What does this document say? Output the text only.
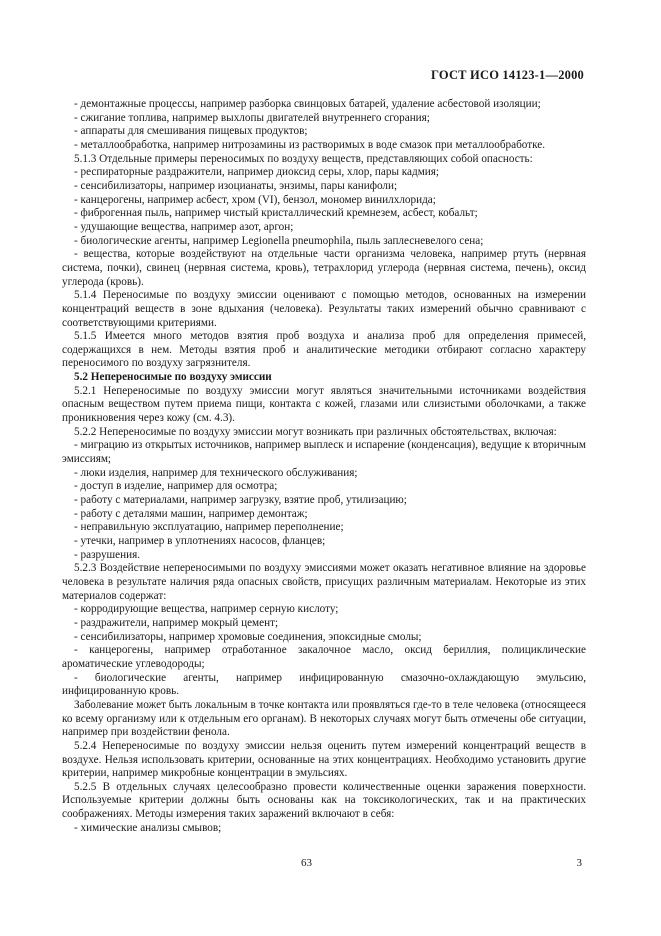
ГОСТ ИСО 14123-1—2000

- демонтажные процессы, например разборка свинцовых батарей, удаление асбестовой изоляции;

- сжигание топлива, например выхлопы двигателей внутреннего сгорания;

- аппараты для смешивания пищевых продуктов;

- металлообработка, например нитрозамины из растворимых в воде смазок при металлообработке.

5.1.3 Отдельные примеры переносимых по воздуху веществ, представляющих собой опасность:

- респираторные раздражители, например диоксид серы, хлор, пары кадмия;

- сенсибилизаторы, например изоцианаты, энзимы, пары канифоли;

- канцерогены, например асбест, хром (VI), бензол, мономер винилхлорида;

- фиброгенная пыль, например чистый кристаллический кремнезем, асбест, кобальт;

- удушающие вещества, например азот, аргон;

- биологические агенты, например Legionella pneumophila, пыль заплесневелого сена;

- вещества, которые воздействуют на отдельные части организма человека, например ртуть (нервная система, почки), свинец (нервная система, кровь), тетрахлорид углерода (нервная система, печень), оксид углерода (кровь).

5.1.4 Переносимые по воздуху эмиссии оценивают с помощью методов, основанных на измерении концентраций веществ в зоне вдыхания (человека). Результаты таких измерений обычно сравнивают с соответствующими критериями.

5.1.5 Имеется много методов взятия проб воздуха и анализа проб для определения примесей, содержащихся в нем. Методы взятия проб и аналитические методики отбирают согласно характеру переносимого по воздуху загрязнителя.

5.2 Непереносимые по воздуху эмиссии

5.2.1 Непереносимые по воздуху эмиссии могут являться значительными источниками воздействия опасным веществом путем приема пищи, контакта с кожей, глазами или слизистыми оболочками, а также проникновения через кожу (см. 4.3).

5.2.2 Непереносимые по воздуху эмиссии могут возникать при различных обстоятельствах, включая:

- миграцию из открытых источников, например выплеск и испарение (конденсация), ведущие к вторичным эмиссиям;

- люки изделия, например для технического обслуживания;

- доступ в изделие, например для осмотра;

- работу с материалами, например загрузку, взятие проб, утилизацию;

- работу с деталями машин, например демонтаж;

- неправильную эксплуатацию, например переполнение;

- утечки, например в уплотнениях насосов, фланцев;

- разрушения.

5.2.3 Воздействие непереносимыми по воздуху эмиссиями может оказать негативное влияние на здоровье человека в результате наличия ряда опасных свойств, присущих различным материалам. Некоторые из этих материалов содержат:

- корродирующие вещества, например серную кислоту;

- раздражители, например мокрый цемент;

- сенсибилизаторы, например хромовые соединения, эпоксидные смолы;

- канцерогены, например отработанное закалочное масло, оксид бериллия, полициклические ароматические углеводороды;

- биологические агенты, например инфицированную смазочно-охлаждающую эмульсию, инфицированную кровь.

Заболевание может быть локальным в точке контакта или проявляться где-то в теле человека (относящееся ко всему организму или к отдельным его органам). В некоторых случаях могут быть отмечены обе ситуации, например при воздействии фенола.

5.2.4 Непереносимые по воздуху эмиссии нельзя оценить путем измерений концентраций веществ в воздухе. Нельзя использовать критерии, основанные на этих концентрациях. Необходимо установить другие критерии, например микробные концентрации в эмульсиях.

5.2.5 В отдельных случаях целесообразно провести количественные оценки заражения поверхности. Используемые критерии должны быть основаны как на токсикологических, так и на практических соображениях. Методы измерения таких заражений включают в себя:

- химические анализы смывов;

63	3
